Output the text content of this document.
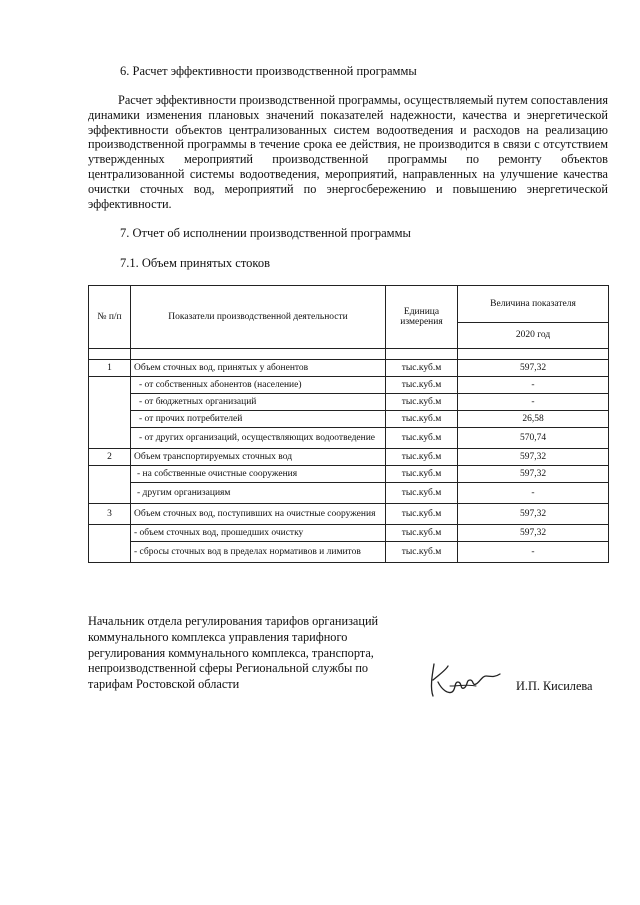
6. Расчет эффективности производственной программы
Расчет эффективности производственной программы, осуществляемый путем сопоставления динамики изменения плановых значений показателей надежности, качества и энергетической эффективности объектов централизованных систем водоотведения и расходов на реализацию производственной программы в течение срока ее действия, не производится в связи с отсутствием утвержденных мероприятий производственной программы по ремонту объектов централизованной системы водоотведения, мероприятий, направленных на улучшение качества очистки сточных вод, мероприятий по энергосбережению и повышению энергетической эффективности.
7. Отчет об исполнении производственной программы
7.1. Объем принятых стоков
№ п/п	Показатели производственной деятельности	Единица измерения	Величина показателя
			2020 год

1	Объем сточных вод, принятых у абонентов	тыс.куб.м	597,32
	- от собственных абонентов (население)	тыс.куб.м	-
	- от бюджетных организаций	тыс.куб.м	-
	- от прочих потребителей	тыс.куб.м	26,58
	- от других организаций, осуществляющих водоотведение	тыс.куб.м	570,74
2	Объем транспортируемых сточных вод	тыс.куб.м	597,32
	- на собственные очистные сооружения	тыс.куб.м	597,32
	- другим организациям	тыс.куб.м	-
3	Объем сточных вод, поступивших на очистные сооружения	тыс.куб.м	597,32
	- объем сточных вод, прошедших очистку	тыс.куб.м	597,32
	- сбросы сточных вод в пределах нормативов и лимитов	тыс.куб.м	-
Начальник отдела регулирования тарифов организаций коммунального комплекса управления тарифного регулирования коммунального комплекса, транспорта, непроизводственной сферы Региональной службы по тарифам Ростовской области	И.П. Кисилева
